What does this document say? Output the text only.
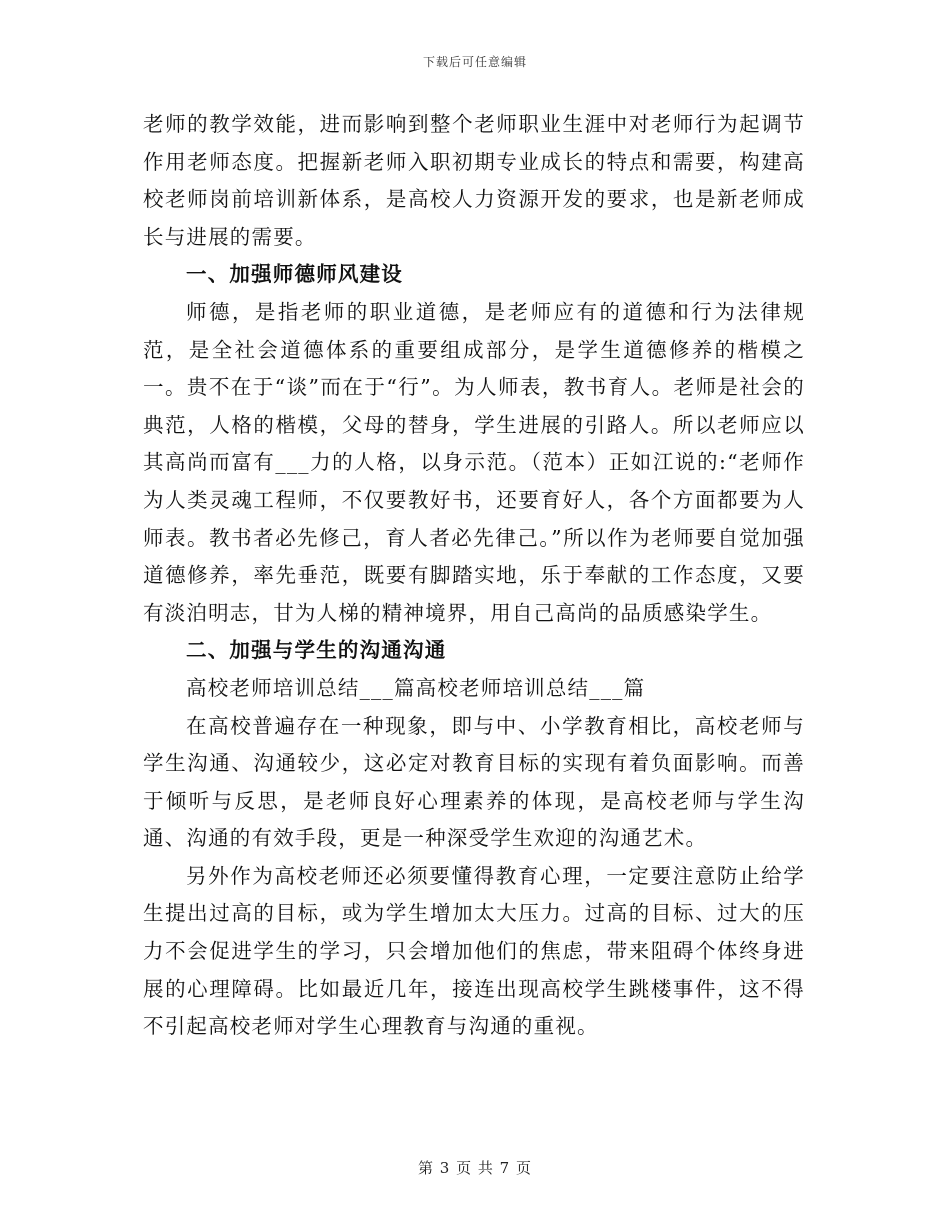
下载后可任意编辑

老师的教学效能，进而影响到整个老师职业生涯中对老师行为起调节作用老师态度。把握新老师入职初期专业成长的特点和需要，构建高校老师岗前培训新体系，是高校人力资源开发的要求，也是新老师成长与进展的需要。

一、加强师德师风建设

师德，是指老师的职业道德，是老师应有的道德和行为法律规范，是全社会道德体系的重要组成部分，是学生道德修养的楷模之一。贵不在于“谈”而在于“行”。为人师表，教书育人。老师是社会的典范，人格的楷模，父母的替身，学生进展的引路人。所以老师应以其高尚而富有___力的人格，以身示范。（范本）正如江说的:“老师作为人类灵魂工程师，不仅要教好书，还要育好人，各个方面都要为人师表。教书者必先修己，育人者必先律己。”所以作为老师要自觉加强道德修养，率先垂范，既要有脚踏实地，乐于奉献的工作态度，又要有淡泊明志，甘为人梯的精神境界，用自己高尚的品质感染学生。

二、加强与学生的沟通沟通

高校老师培训总结___篇高校老师培训总结___篇

在高校普遍存在一种现象，即与中、小学教育相比，高校老师与学生沟通、沟通较少，这必定对教育目标的实现有着负面影响。而善于倾听与反思，是老师良好心理素养的体现，是高校老师与学生沟通、沟通的有效手段，更是一种深受学生欢迎的沟通艺术。

另外作为高校老师还必须要懂得教育心理，一定要注意防止给学生提出过高的目标，或为学生增加太大压力。过高的目标、过大的压力不会促进学生的学习，只会增加他们的焦虑，带来阻碍个体终身进展的心理障碍。比如最近几年，接连出现高校学生跳楼事件，这不得不引起高校老师对学生心理教育与沟通的重视。

第 3 页 共 7 页
